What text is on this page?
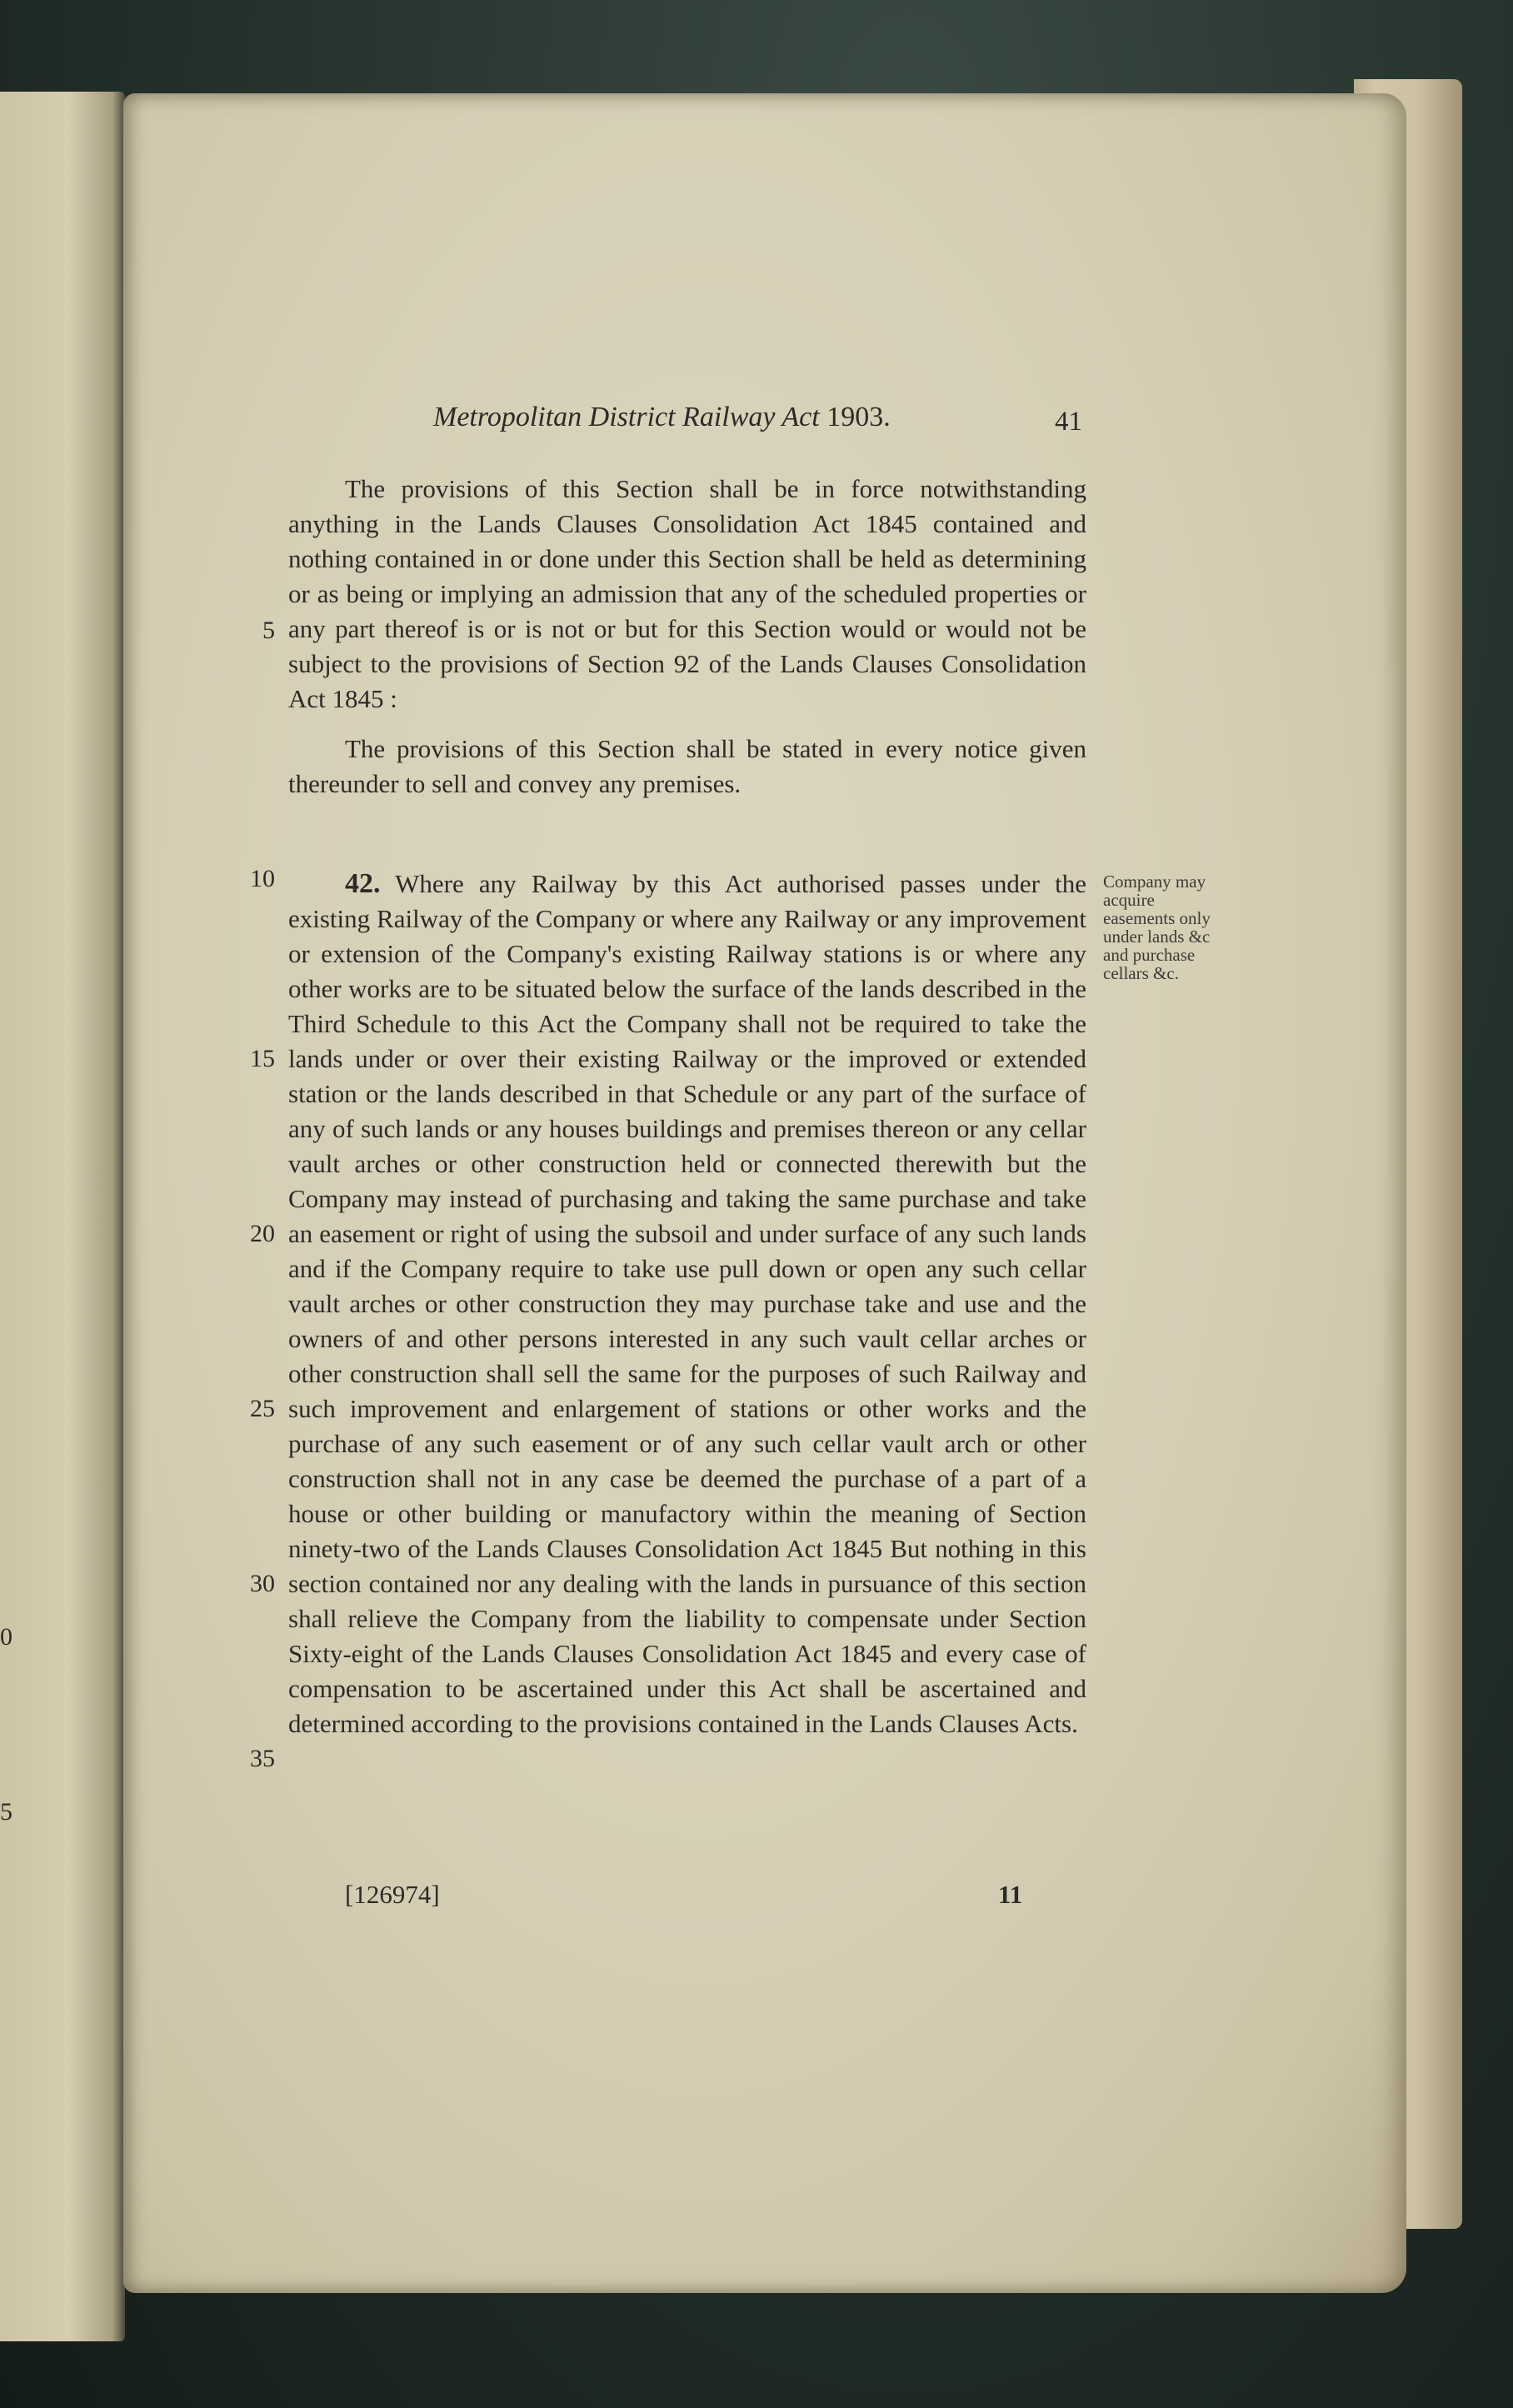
0
5
Metropolitan District Railway Act 1903.	41

The provisions of this Section shall be in force notwithstanding anything in the Lands Clauses Consolidation Act 1845 contained and nothing contained in or done under this Section shall be held as determining or as being or implying an admission that any of the scheduled properties or any part thereof is or is not or but for this Section would or would not be subject to the provisions of Section 92 of the Lands Clauses Consolidation Act 1845 :

The provisions of this Section shall be stated in every notice given thereunder to sell and convey any premises.

42. Where any Railway by this Act authorised passes under the existing Railway of the Company or where any Railway or any improvement or extension of the Company's existing Railway stations is or where any other works are to be situated below the surface of the lands described in the Third Schedule to this Act the Company shall not be required to take the lands under or over their existing Railway or the improved or extended station or the lands described in that Schedule or any part of the surface of any of such lands or any houses buildings and premises thereon or any cellar vault arches or other construction held or connected therewith but the Company may instead of purchasing and taking the same purchase and take an easement or right of using the subsoil and under surface of any such lands and if the Company require to take use pull down or open any such cellar vault arches or other construction they may purchase take and use and the owners of and other persons interested in any such vault cellar arches or other construction shall sell the same for the purposes of such Railway and such improvement and enlargement of stations or other works and the purchase of any such easement or of any such cellar vault arch or other construction shall not in any case be deemed the purchase of a part of a house or other building or manufactory within the meaning of Section ninety-two of the Lands Clauses Consolidation Act 1845 But nothing in this section contained nor any dealing with the lands in pursuance of this section shall relieve the Company from the liability to compensate under Section Sixty-eight of the Lands Clauses Consolidation Act 1845 and every case of compensation to be ascertained under this Act shall be ascertained and determined according to the provisions contained in the Lands Clauses Acts.

Company may acquire easements only under lands &c and purchase cellars &c.
5
10
15
20
25
30
35
[126974]	11
